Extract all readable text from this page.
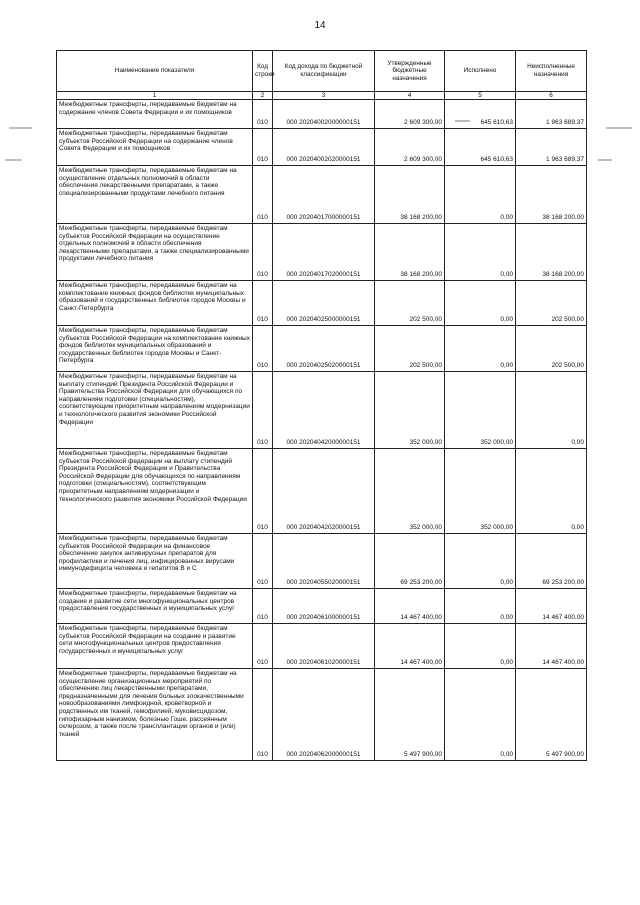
14
Наименование показателя	Код строки	Код дохода по бюджетной классификации	Утвержденные бюджетные назначения	Исполнено	Неисполненные назначения
1	2	3	4	5	6
Межбюджетные трансферты, передаваемые бюджетам на содержание членов Совета Федерации и их помощников	010	000 20204002000000151	2 609 300,00	645 610,63	1 963 689,37
Межбюджетные трансферты, передаваемые бюджетам субъектов Российской Федерации на содержание членов Совета Федерации и их помощников	010	000 20204002020000151	2 609 300,00	645 610,63	1 963 689,37
Межбюджетные трансферты, передаваемые бюджетам на осуществление отдельных полномочий в области обеспечения лекарственными препаратами, а также специализированными продуктами лечебного питания	010	000 20204017000000151	38 168 200,00	0,00	38 168 200,00
Межбюджетные трансферты, передаваемые бюджетам субъектов Российской Федерации на осуществление отдельных полномочий в области обеспечения лекарственными препаратами, а также специализированными продуктами лечебного питания	010	000 20204017020000151	38 168 200,00	0,00	38 168 200,00
Межбюджетные трансферты, передаваемые бюджетам на комплектование книжных фондов библиотек муниципальных образований и государственных библиотек городов Москвы и Санкт-Петербурга	010	000 20204025000000151	202 500,00	0,00	202 500,00
Межбюджетные трансферты, передаваемые бюджетам субъектов Российской Федерации на комплектование книжных фондов библиотек муниципальных образований и государственных библиотек городов Москвы и Санкт-Петербурга	010	000 20204025020000151	202 500,00	0,00	202 500,00
Межбюджетные трансферты, передаваемые бюджетам на выплату стипендий Президента Российской Федерации и Правительства Российской Федерации для обучающихся по направлениям подготовки (специальностям), соответствующим приоритетным направлениям модернизации и технологического развития экономики Российской Федерации	010	000 20204042000000151	352 000,00	352 000,00	0,00
Межбюджетные трансферты, передаваемые бюджетам субъектов Российской федерации на выплату стипендий Президента Российской Федерации и Правительства Российской Федерации для обучающихся по направлениям подготовки (специальностям), соответствующим приоритетным направлениям модернизации и технологического развития экономики Российской Федерации	010	000 20204042020000151	352 000,00	352 000,00	0,00
Межбюджетные трансферты, передаваемые бюджетам субъектов Российской Федерации на финансовое обеспечение закупок антивирусных препаратов для профилактики и лечения лиц, инфицированных вирусами иммунодефицита человека и гепатитов В и С	010	000 20204055020000151	69 253 200,00	0,00	69 253 200,00
Межбюджетные трансферты, передаваемые бюджетам на создание и развитие сети многофункциональных центров предоставления государственных и муниципальных услуг	010	000 20204061000000151	14 467 400,00	0,00	14 467 400,00
Межбюджетные трансферты, передаваемые бюджетам субъектов Российской Федерации на создание и развитие сети многофункциональных центров предоставления государственных и муниципальных услуг	010	000 20204061020000151	14 467 400,00	0,00	14 467 400,00
Межбюджетные трансферты, передаваемые бюджетам на осуществление организационных мероприятий по обеспечению лиц лекарственными препаратами, предназначенными для лечения больных злокачественными новообразованиями лимфоидной, кроветворной и родственных им тканей, гемофилией, муковисцидозом, гипофизарным нанизмом, болезнью Гоше, рассеянным склерозом, а также после трансплантации органов и (или) тканей	010	000 20204062000000151	5 497 900,00	0,00	5 497 900,00
